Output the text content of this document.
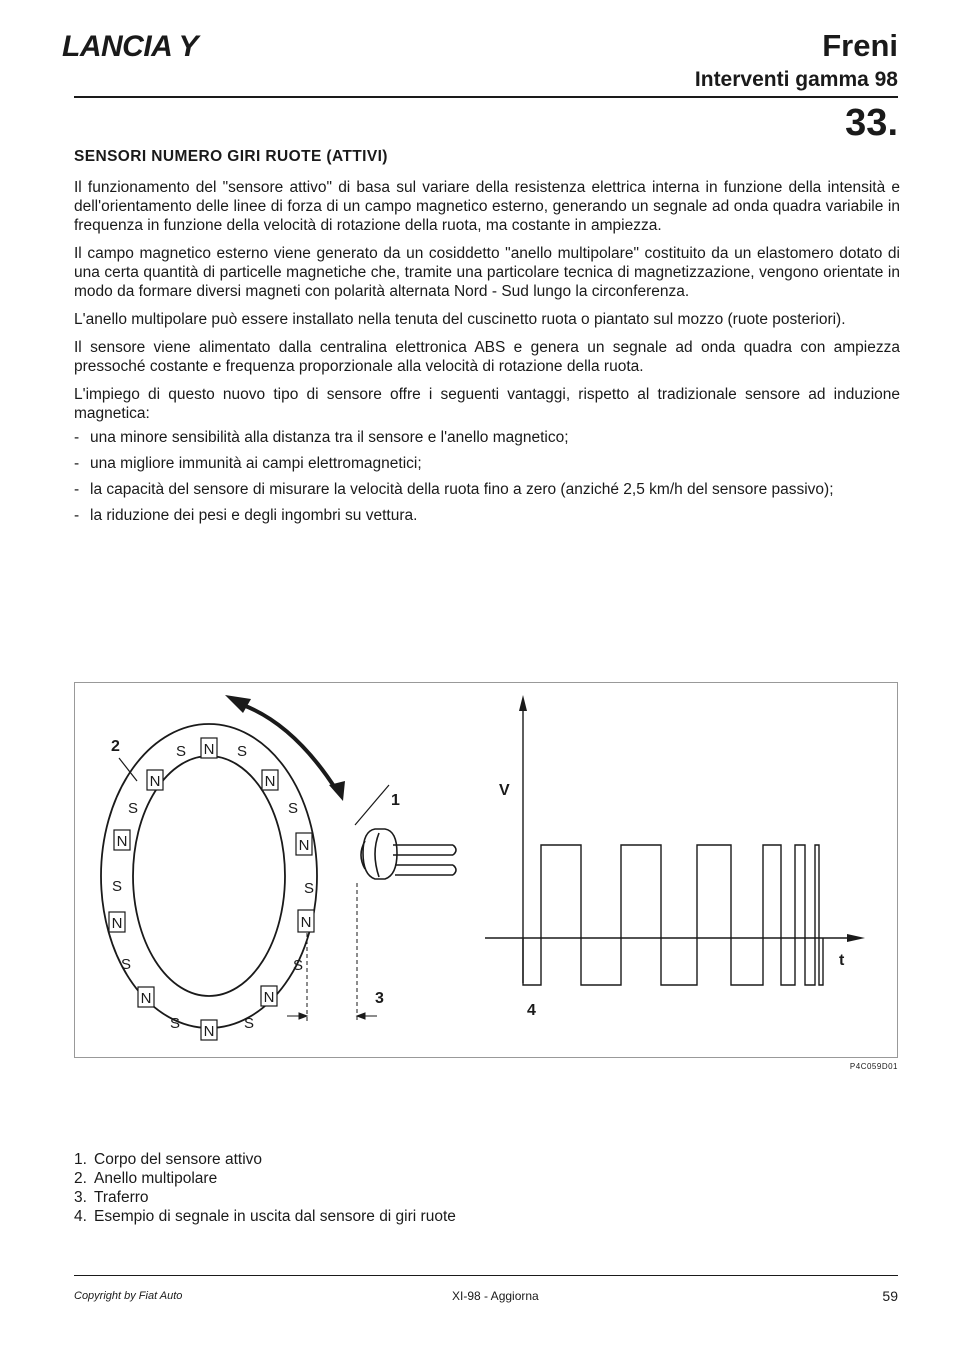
LANCIA Y	Freni
Interventi gamma 98
33.
SENSORI NUMERO GIRI RUOTE (ATTIVI)

Il funzionamento del "sensore attivo" di basa sul variare della resistenza elettrica interna in funzione della intensità e dell'orientamento delle linee di forza di un campo magnetico esterno, generando un segnale ad onda quadra variabile in frequenza in funzione della velocità di rotazione della ruota, ma costante in ampiezza.

Il campo magnetico esterno viene generato da un cosiddetto "anello multipolare" costituito da un elastomero dotato di una certa quantità di particelle magnetiche che, tramite una particolare tecnica di magnetizzazione, vengono orientate in modo da formare diversi magneti con polarità alternata Nord - Sud lungo la circonferenza.

L'anello multipolare può essere installato nella tenuta del cuscinetto ruota o piantato sul mozzo (ruote posteriori).

Il sensore viene alimentato dalla centralina elettronica ABS e genera un segnale ad onda quadra con ampiezza pressoché costante e frequenza proporzionale alla velocità di rotazione della ruota.

L'impiego di questo nuovo tipo di sensore offre i seguenti vantaggi, rispetto al tradizionale sensore ad induzione magnetica:

- una minore sensibilità alla distanza tra il sensore e l'anello magnetico;
- una migliore immunità ai campi elettromagnetici;
- la capacità del sensore di misurare la velocità della ruota fino a zero (anziché 2,5 km/h del sensore passivo);
- la riduzione dei pesi e degli ingombri su vettura.
N
N	N
N	N
N	N
N	N
N
S	S
S	S
S	S
S	S
S	S
2
1
3
V
t
4
P4C059D01
1. Corpo del sensore attivo
2. Anello multipolare
3. Traferro
4. Esempio di segnale in uscita dal sensore di giri ruote
Copyright by Fiat Auto	XI-98 - Aggiorna	59
